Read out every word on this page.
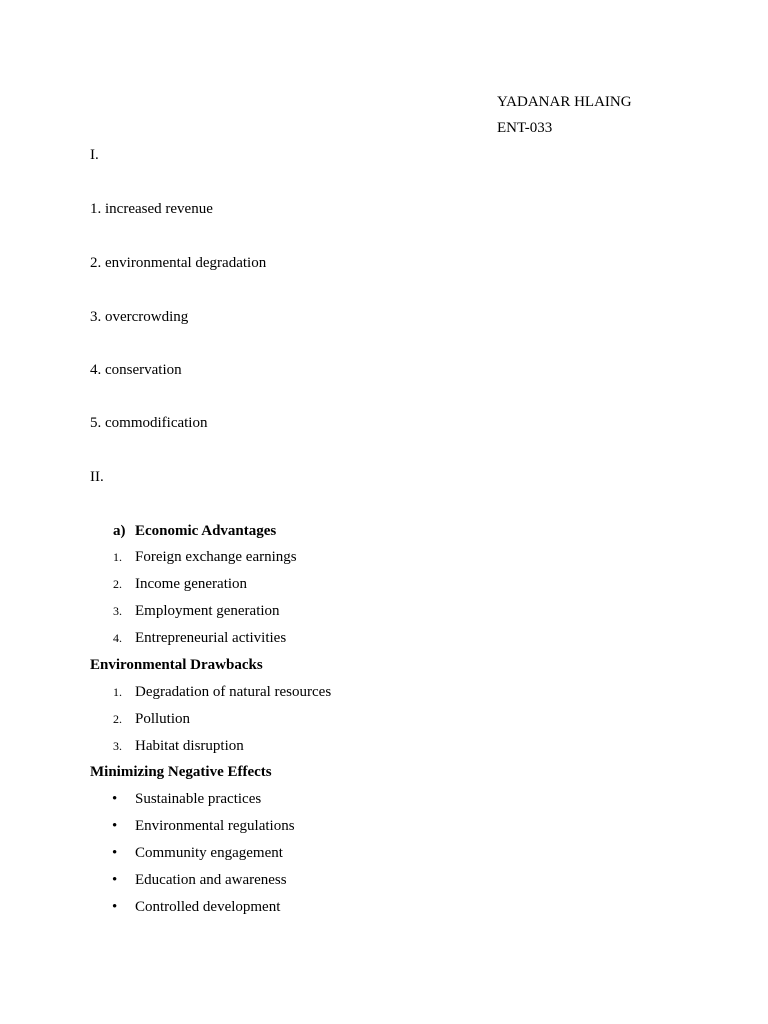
YADANAR HLAING
ENT-033
I.
1. increased revenue
2. environmental degradation
3. overcrowding
4. conservation
5. commodification
II.
a) Economic Advantages
1. Foreign exchange earnings
2. Income generation
3. Employment generation
4. Entrepreneurial activities
Environmental Drawbacks
1. Degradation of natural resources
2. Pollution
3. Habitat disruption
Minimizing Negative Effects
• Sustainable practices
• Environmental regulations
• Community engagement
• Education and awareness
• Controlled development
